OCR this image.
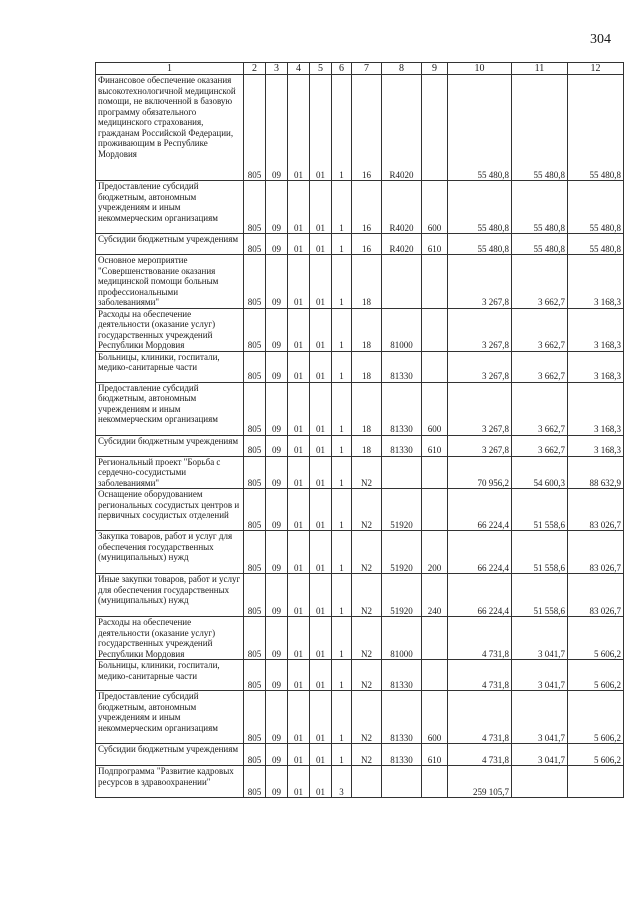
304
1	2	3	4	5	6	7	8	9	10	11	12
Финансовое обеспечение оказания высокотехнологичной медицинской помощи, не включенной в базовую программу обязательного медицинского страхования, гражданам Российской Федерации, проживающим в Республике Мордовия	805	09	01	01	1	16	R4020		55 480,8	55 480,8	55 480,8
Предоставление субсидий бюджетным, автономным учреждениям и иным некоммерческим организациям	805	09	01	01	1	16	R4020	600	55 480,8	55 480,8	55 480,8
Субсидии бюджетным учреждениям	805	09	01	01	1	16	R4020	610	55 480,8	55 480,8	55 480,8
Основное мероприятие "Совершенствование оказания медицинской помощи больным профессиональными заболеваниями"	805	09	01	01	1	18			3 267,8	3 662,7	3 168,3
Расходы на обеспечение деятельности (оказание услуг) государственных учреждений Республики Мордовия	805	09	01	01	1	18	81000		3 267,8	3 662,7	3 168,3
Больницы, клиники, госпитали, медико-санитарные части	805	09	01	01	1	18	81330		3 267,8	3 662,7	3 168,3
Предоставление субсидий бюджетным, автономным учреждениям и иным некоммерческим организациям	805	09	01	01	1	18	81330	600	3 267,8	3 662,7	3 168,3
Субсидии бюджетным учреждениям	805	09	01	01	1	18	81330	610	3 267,8	3 662,7	3 168,3
Региональный проект "Борьба с сердечно-сосудистыми заболеваниями"	805	09	01	01	1	N2			70 956,2	54 600,3	88 632,9
Оснащение оборудованием региональных сосудистых центров и первичных сосудистых отделений	805	09	01	01	1	N2	51920		66 224,4	51 558,6	83 026,7
Закупка товаров, работ и услуг для обеспечения государственных (муниципальных) нужд	805	09	01	01	1	N2	51920	200	66 224,4	51 558,6	83 026,7
Иные закупки товаров, работ и услуг для обеспечения государственных (муниципальных) нужд	805	09	01	01	1	N2	51920	240	66 224,4	51 558,6	83 026,7
Расходы на обеспечение деятельности (оказание услуг) государственных учреждений Республики Мордовия	805	09	01	01	1	N2	81000		4 731,8	3 041,7	5 606,2
Больницы, клиники, госпитали, медико-санитарные части	805	09	01	01	1	N2	81330		4 731,8	3 041,7	5 606,2
Предоставление субсидий бюджетным, автономным учреждениям и иным некоммерческим организациям	805	09	01	01	1	N2	81330	600	4 731,8	3 041,7	5 606,2
Субсидии бюджетным учреждениям	805	09	01	01	1	N2	81330	610	4 731,8	3 041,7	5 606,2
Подпрограмма "Развитие кадровых ресурсов в здравоохранении"	805	09	01	01	3				259 105,7		
